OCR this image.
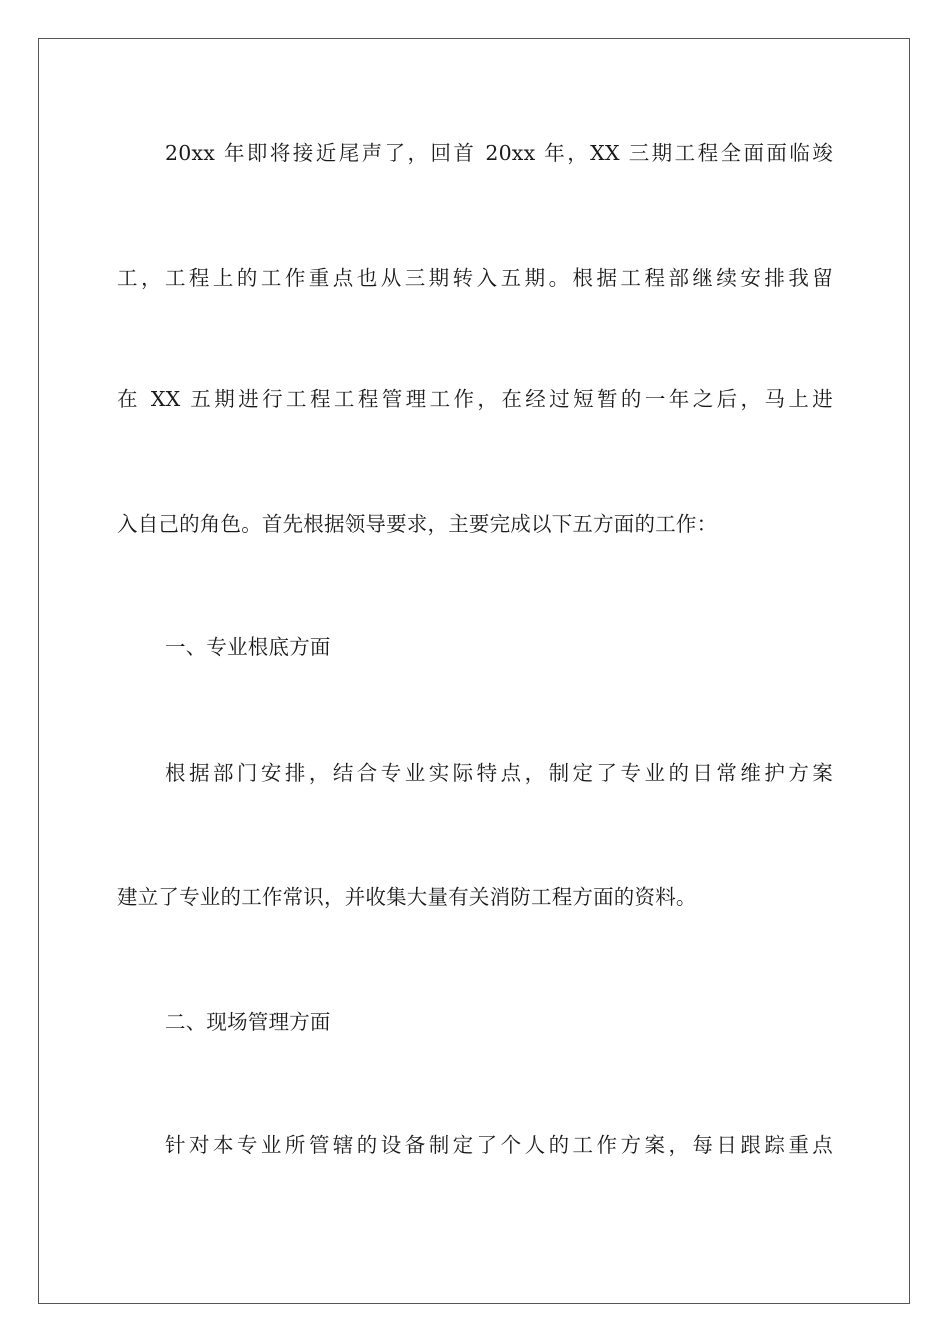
20xx 年即将接近尾声了，回首 20xx 年，XX 三期工程全面面临竣
工，工程上的工作重点也从三期转入五期。根据工程部继续安排我留
在 XX 五期进行工程工程管理工作，在经过短暂的一年之后，马上进
入自己的角色。首先根据领导要求，主要完成以下五方面的工作：
一、专业根底方面
根据部门安排，结合专业实际特点，制定了专业的日常维护方案
建立了专业的工作常识，并收集大量有关消防工程方面的资料。
二、现场管理方面
针对本专业所管辖的设备制定了个人的工作方案，每日跟踪重点
